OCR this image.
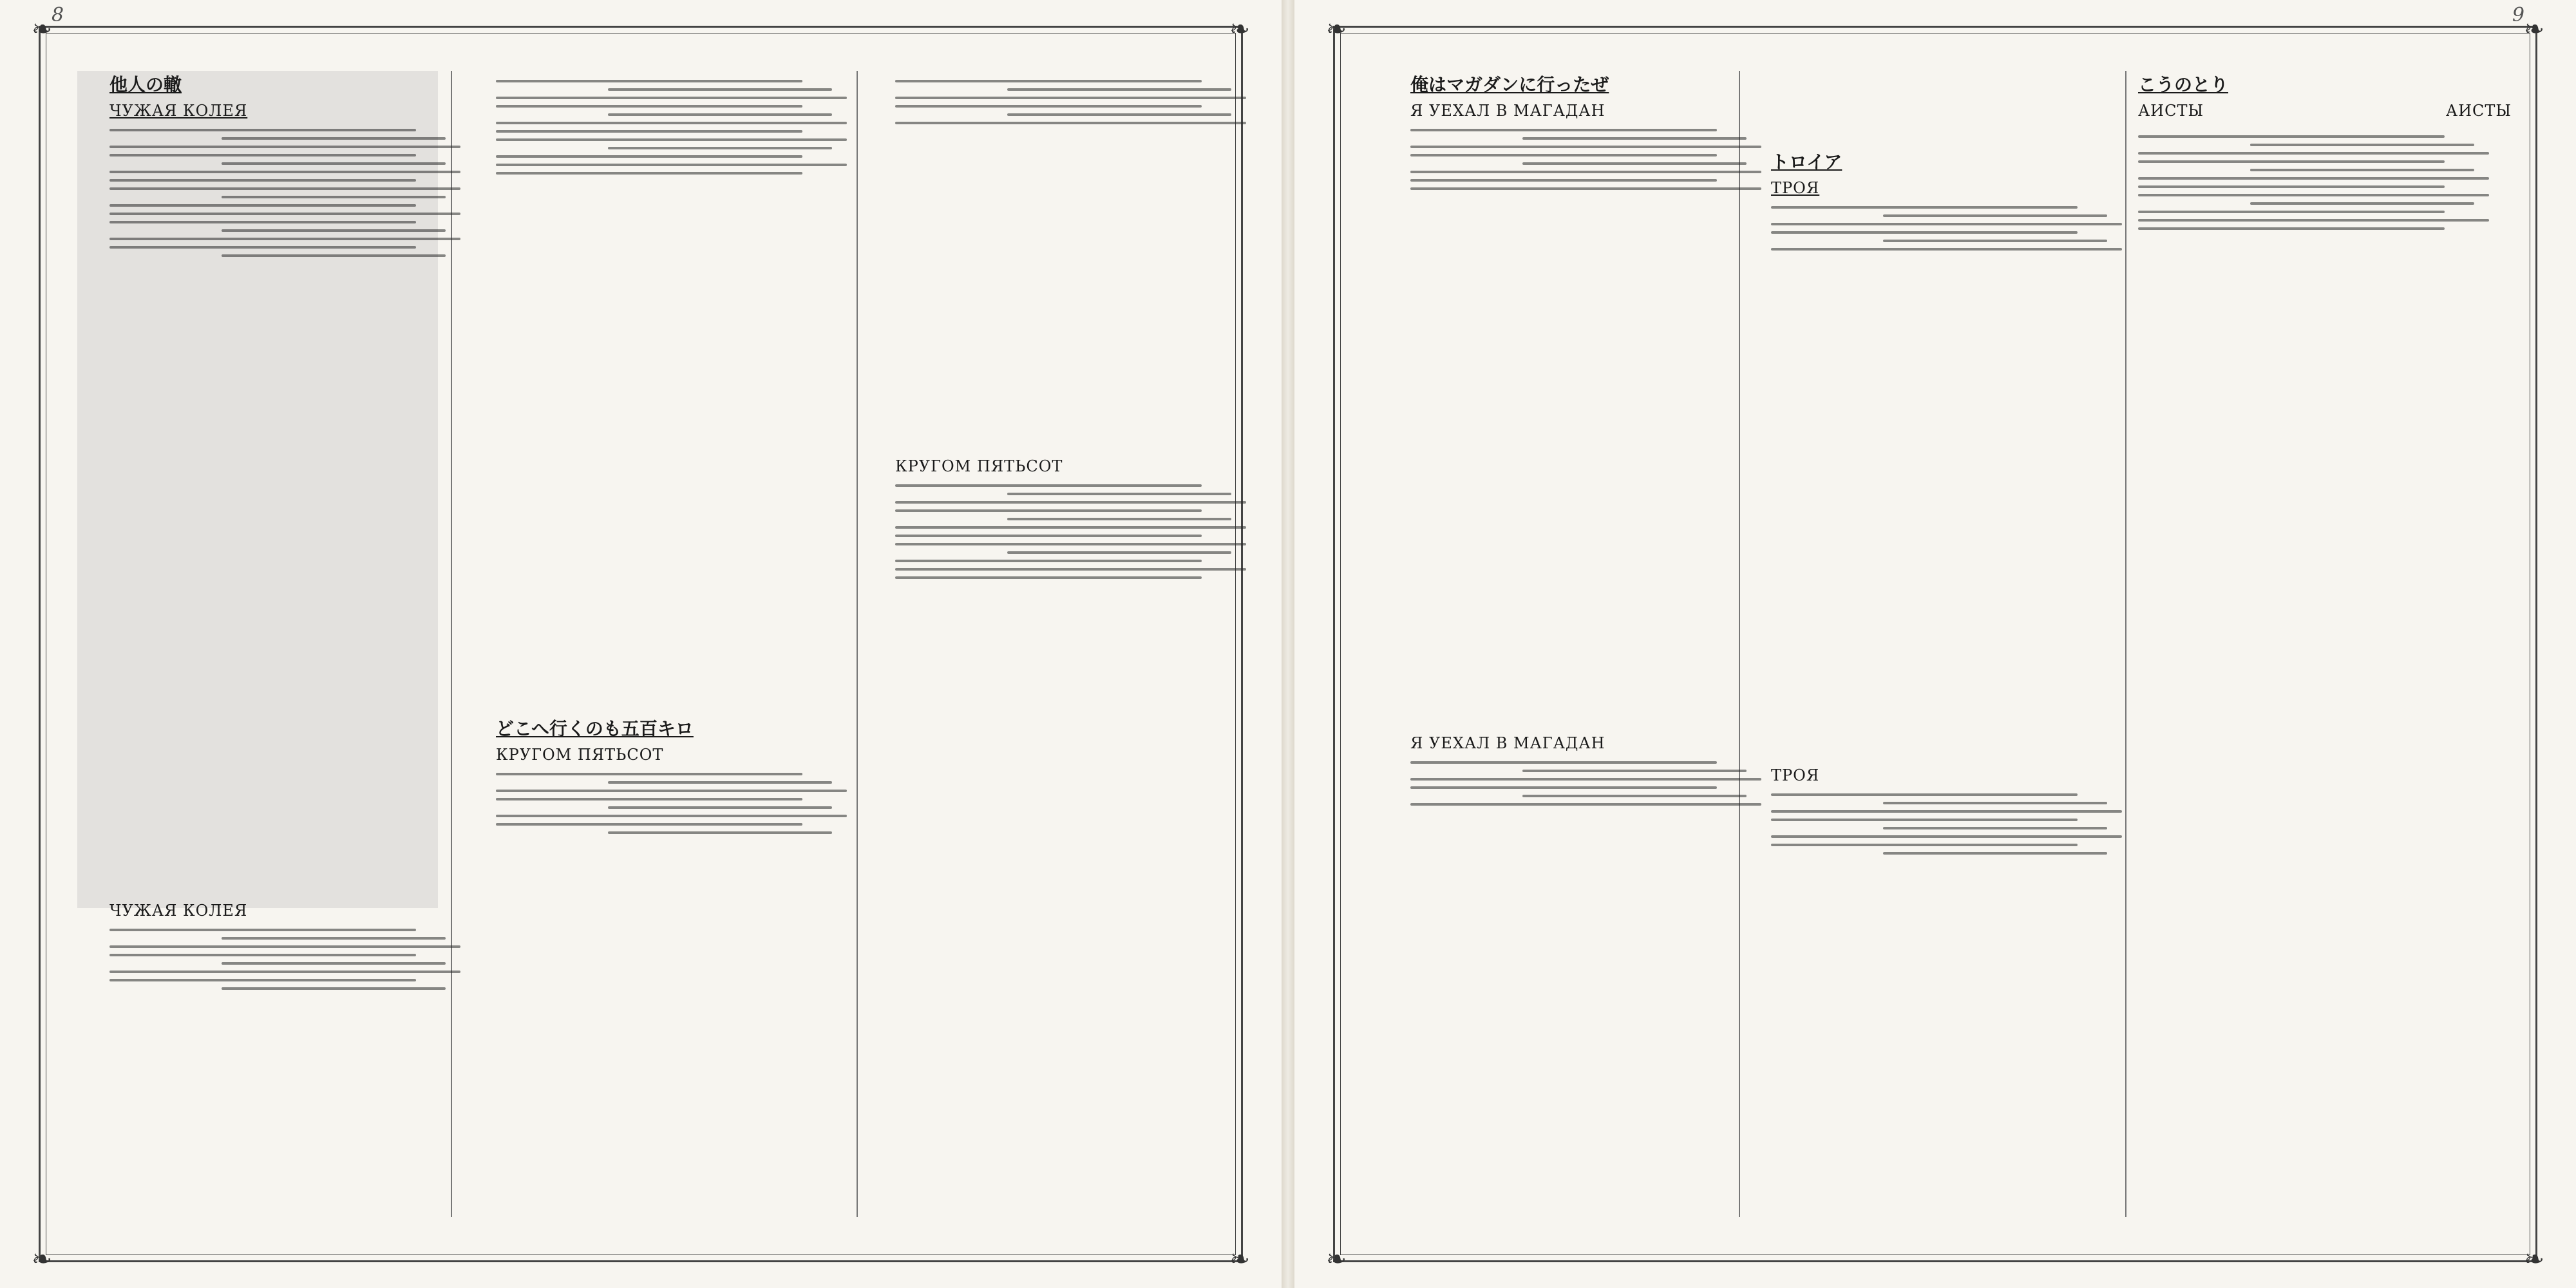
8
❧	❧
❧	❧
他人の轍
ЧУЖАЯ КОЛЕЯ
ЧУЖАЯ КОЛЕЯ
どこへ行くのも五百キロ
КРУГОМ ПЯТЬСОТ
КРУГОМ ПЯТЬСОТ
9
❧	❧
❧	❧
俺はマガダンに行ったぜ
Я УЕХАЛ В МАГАДАН
Я УЕХАЛ В МАГАДАН
トロイア
ТРОЯ
ТРОЯ
こうのとり
АИСТЫ	АИСТЫ
